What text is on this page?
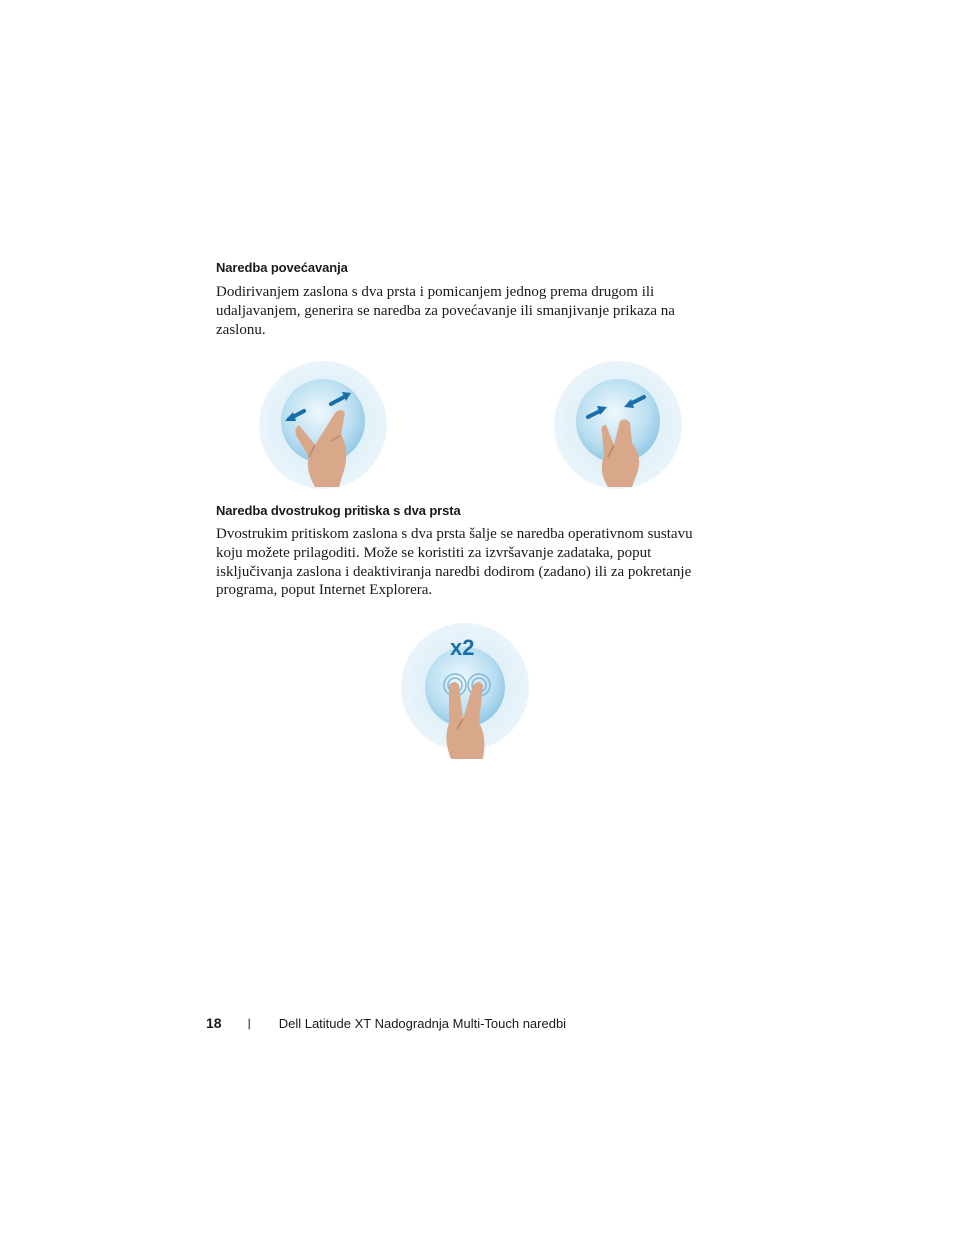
Naredba povećavanja

Dodirivanjem zaslona s dva prsta i pomicanjem jednog prema drugom ili udaljavanjem, generira se naredba za povećavanje ili smanjivanje prikaza na zaslonu.

Naredba dvostrukog pritiska s dva prsta

Dvostrukim pritiskom zaslona s dva prsta šalje se naredba operativnom sustavu koju možete prilagoditi. Može se koristiti za izvršavanje zadataka, poput isključivanja zaslona i deaktiviranja naredbi dodirom (zadano) ili za pokretanje programa, poput Internet Explorera.

x2
18 | Dell Latitude XT Nadogradnja Multi-Touch naredbi
